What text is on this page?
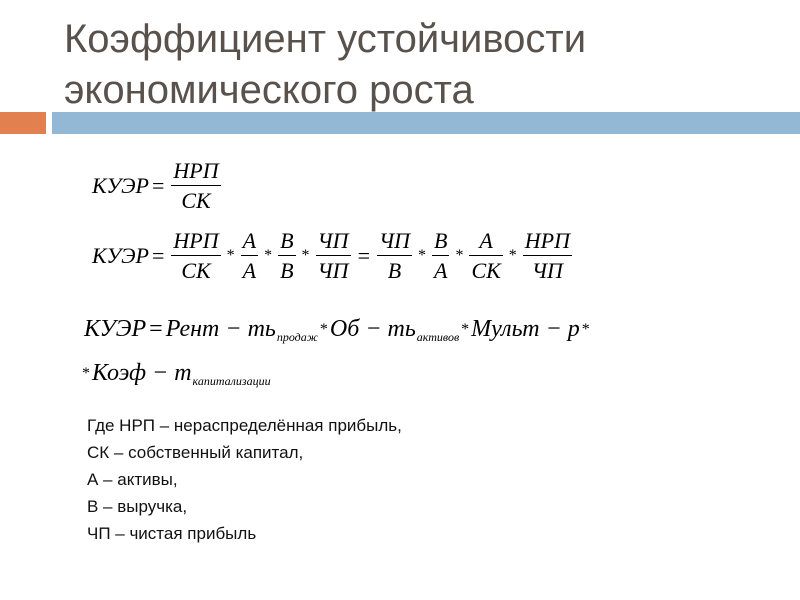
Коэффициент устойчивости
экономического роста
КУЭР = $\frac{\text{НРП}}{СК}$
КУЭР = $\frac{\text{НРП}}{СК} * \frac{А}{А} * \frac{В}{В} * \frac{ЧП}{ЧП} = \frac{ЧП}{В} * \frac{В}{А} * \frac{А}{СК} * \frac{\text{НРП}}{ЧП}$
КУЭР = Рент − ть продаж * Об − ть активов * Мульт − р *
* Коэф − т капитализации
Где НРП – нераспределённая прибыль,
СК – собственный капитал,
А – активы,
В – выручка,
ЧП – чистая прибыль
